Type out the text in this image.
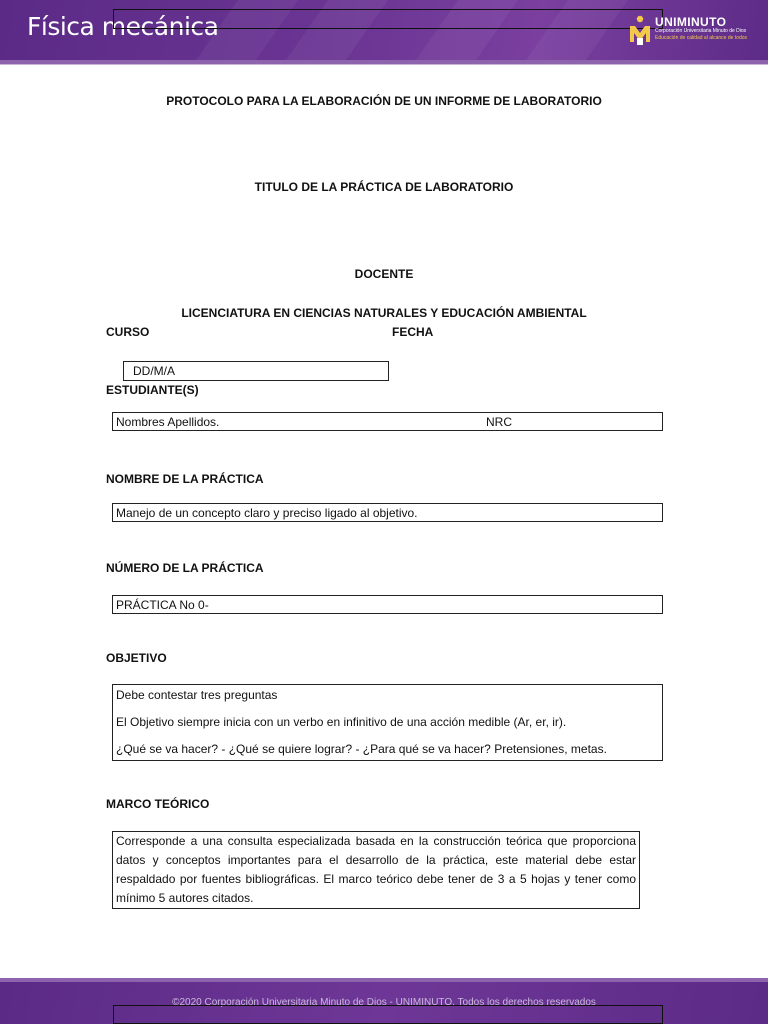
Física mecánica	UNIMINUTO
Corporación Universitaria Minuto de Dios
Educación de calidad al alcance de todos
PROTOCOLO PARA LA ELABORACIÓN DE UN INFORME DE LABORATORIO
TITULO DE LA PRÁCTICA DE LABORATORIO
DOCENTE
LICENCIATURA EN CIENCIAS NATURALES Y EDUCACIÓN AMBIENTAL
CURSO	FECHA
DD/M/A
ESTUDIANTE(S)
Nombres Apellidos.	NRC
NOMBRE DE LA PRÁCTICA
Manejo de un concepto claro y preciso ligado al objetivo.
NÚMERO DE LA PRÁCTICA
PRÁCTICA No 0-
OBJETIVO

Debe contestar tres preguntas

El Objetivo siempre inicia con un verbo en infinitivo de una acción medible (Ar, er, ir).

¿Qué se va hacer? - ¿Qué se quiere lograr? - ¿Para qué se va hacer? Pretensiones, metas.

MARCO TEÓRICO
Corresponde a una consulta especializada basada en la construcción teórica que proporciona datos y conceptos importantes para el desarrollo de la práctica, este material debe estar respaldado por fuentes bibliográficas. El marco teórico debe tener de 3 a 5 hojas y tener como mínimo 5 autores citados.
©2020 Corporación Universitaria Minuto de Dios - UNIMINUTO. Todos los derechos reservados
